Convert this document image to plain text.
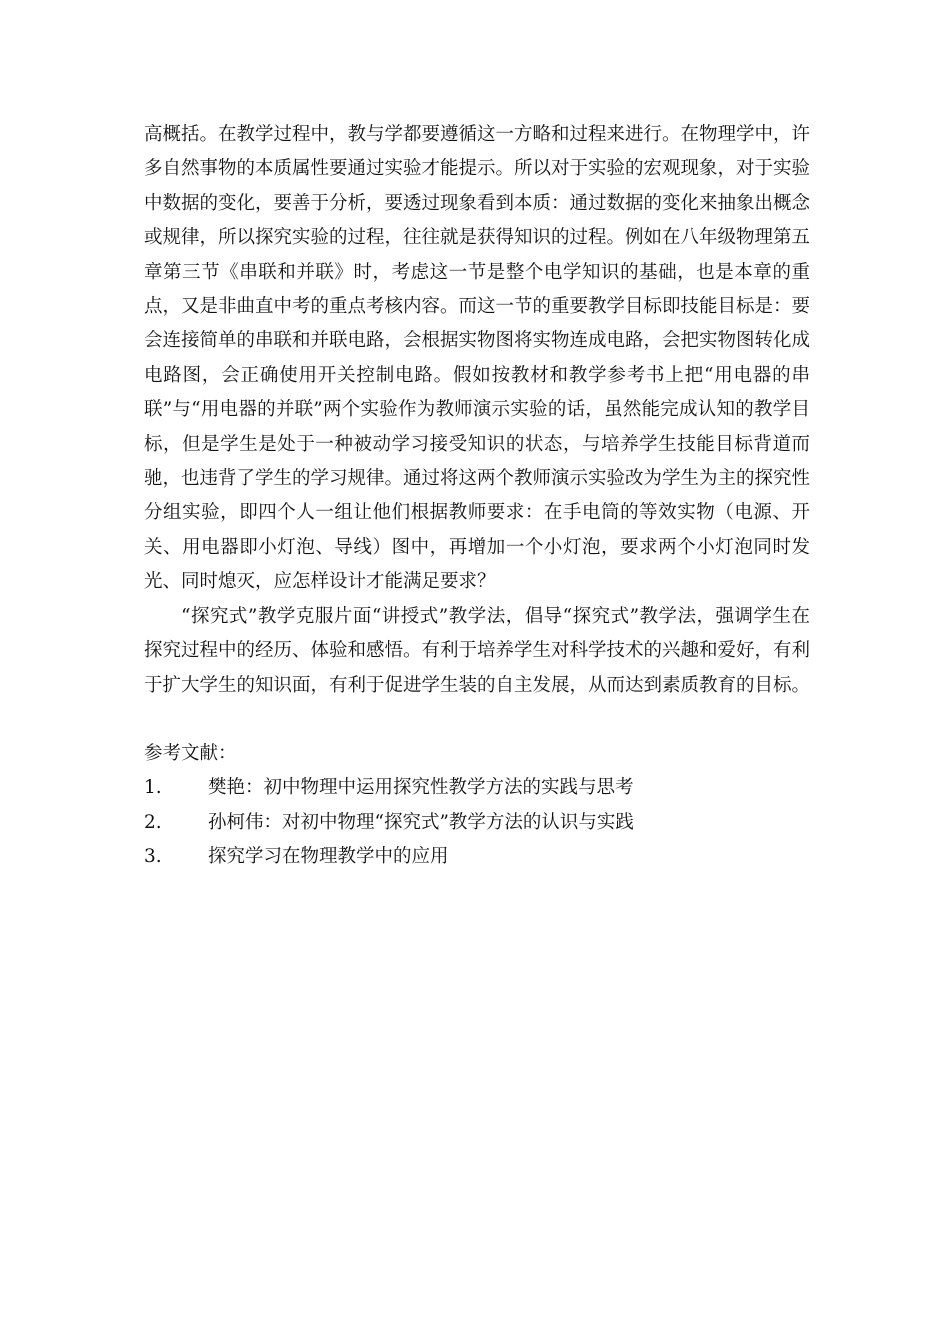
高概括。在教学过程中，教与学都要遵循这一方略和过程来进行。在物理学中，许多自然事物的本质属性要通过实验才能提示。所以对于实验的宏观现象，对于实验中数据的变化，要善于分析，要透过现象看到本质：通过数据的变化来抽象出概念或规律，所以探究实验的过程，往往就是获得知识的过程。例如在八年级物理第五章第三节《串联和并联》时，考虑这一节是整个电学知识的基础，也是本章的重点，又是非曲直中考的重点考核内容。而这一节的重要教学目标即技能目标是：要会连接简单的串联和并联电路，会根据实物图将实物连成电路，会把实物图转化成电路图，会正确使用开关控制电路。假如按教材和教学参考书上把“用电器的串联”与“用电器的并联”两个实验作为教师演示实验的话，虽然能完成认知的教学目标，但是学生是处于一种被动学习接受知识的状态，与培养学生技能目标背道而驰，也违背了学生的学习规律。通过将这两个教师演示实验改为学生为主的探究性分组实验，即四个人一组让他们根据教师要求：在手电筒的等效实物（电源、开关、用电器即小灯泡、导线）图中，再增加一个小灯泡，要求两个小灯泡同时发光、同时熄灭，应怎样设计才能满足要求？

“探究式”教学克服片面“讲授式”教学法，倡导“探究式”教学法，强调学生在探究过程中的经历、体验和感悟。有利于培养学生对科学技术的兴趣和爱好，有利于扩大学生的知识面，有利于促进学生装的自主发展，从而达到素质教育的目标。

参考文献：

1.	樊艳：初中物理中运用探究性教学方法的实践与思考
2.	孙柯伟：对初中物理“探究式”教学方法的认识与实践
3.	探究学习在物理教学中的应用
